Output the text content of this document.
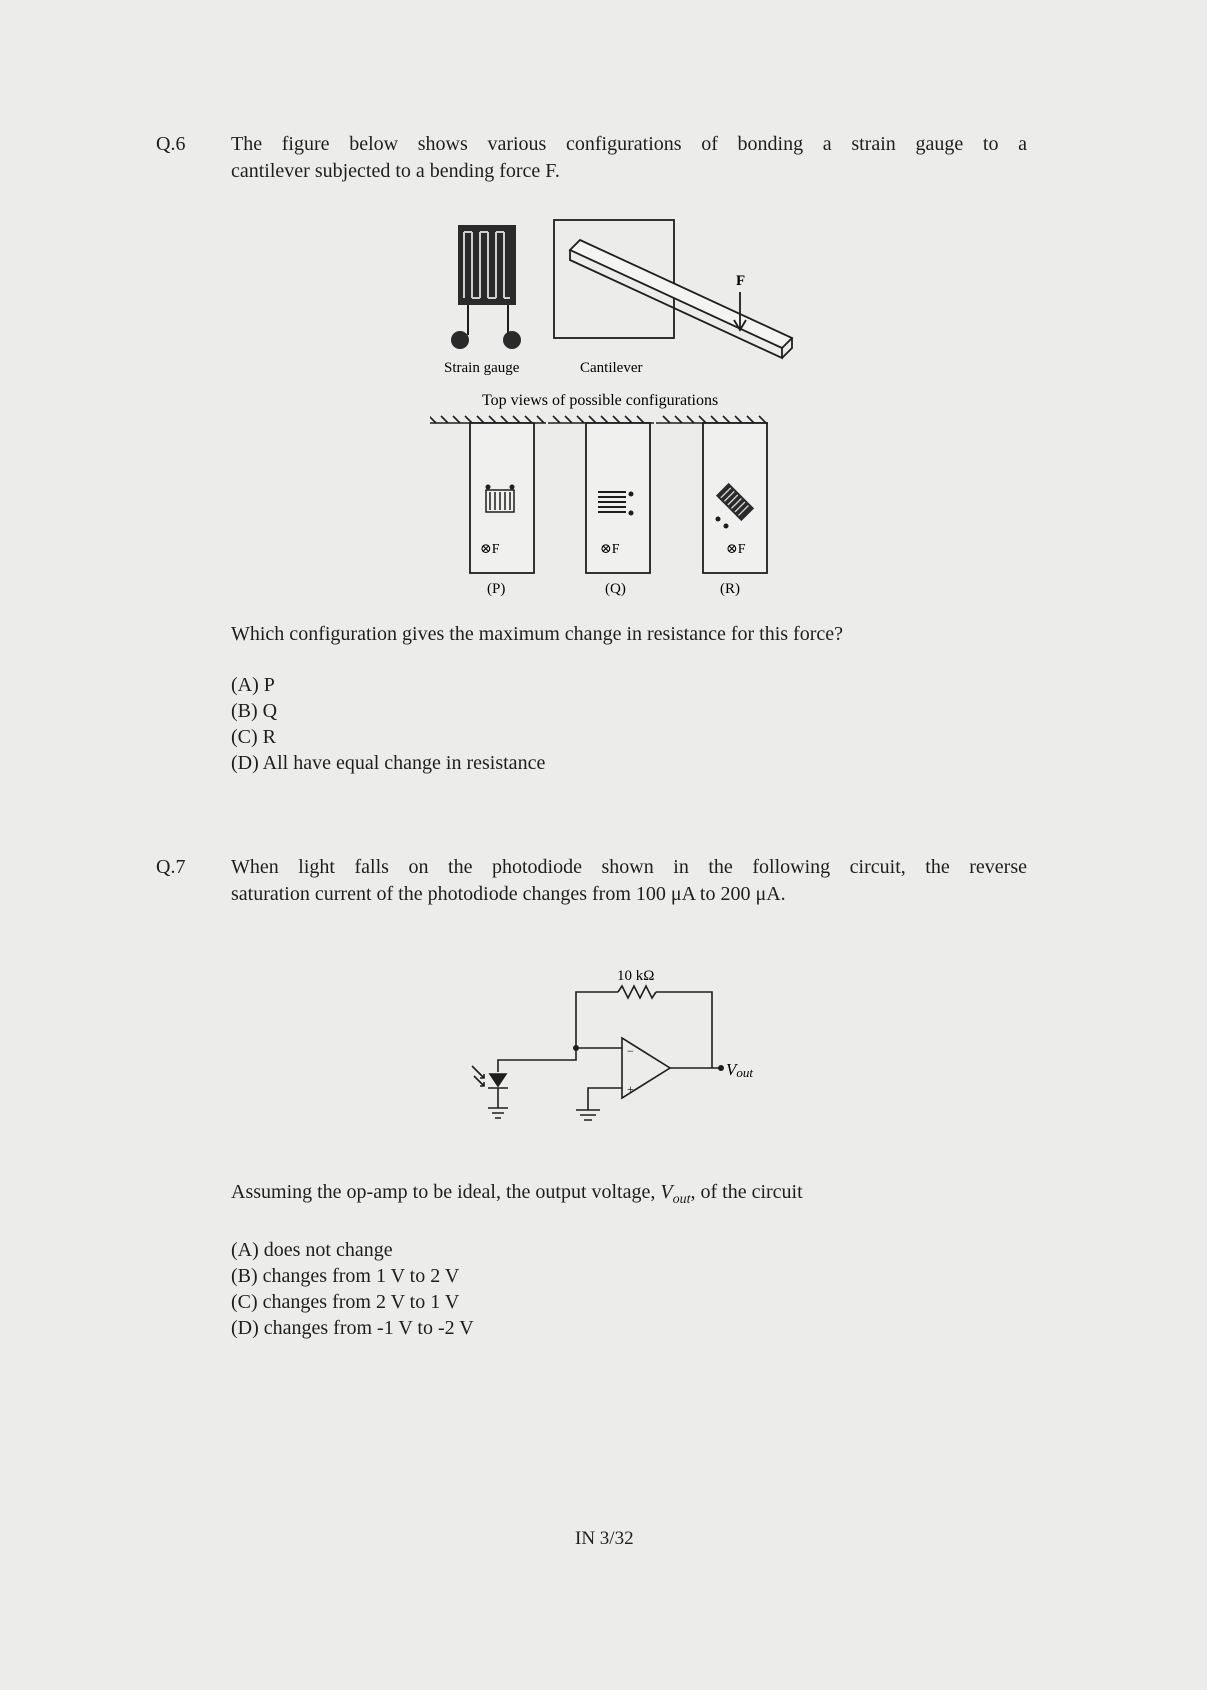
Q.6 The figure below shows various configurations of bonding a strain gauge to a
cantilever subjected to a bending force F.
Strain gauge
F
Cantilever
Top views of possible configurations
⊗F
(P)
⊗F
(Q)
⊗F
(R)
Which configuration gives the maximum change in resistance for this force?
(A) P
(B) Q
(C) R
(D) All have equal change in resistance
Q.7 When light falls on the photodiode shown in the following circuit, the reverse
saturation current of the photodiode changes from 100 μA to 200 μA.
10 kΩ
−
+
Vout
Assuming the op-amp to be ideal, the output voltage, $V_{out}$, of the circuit
(A) does not change
(B) changes from 1 V to 2 V
(C) changes from 2 V to 1 V
(D) changes from -1 V to -2 V
IN 3/32
